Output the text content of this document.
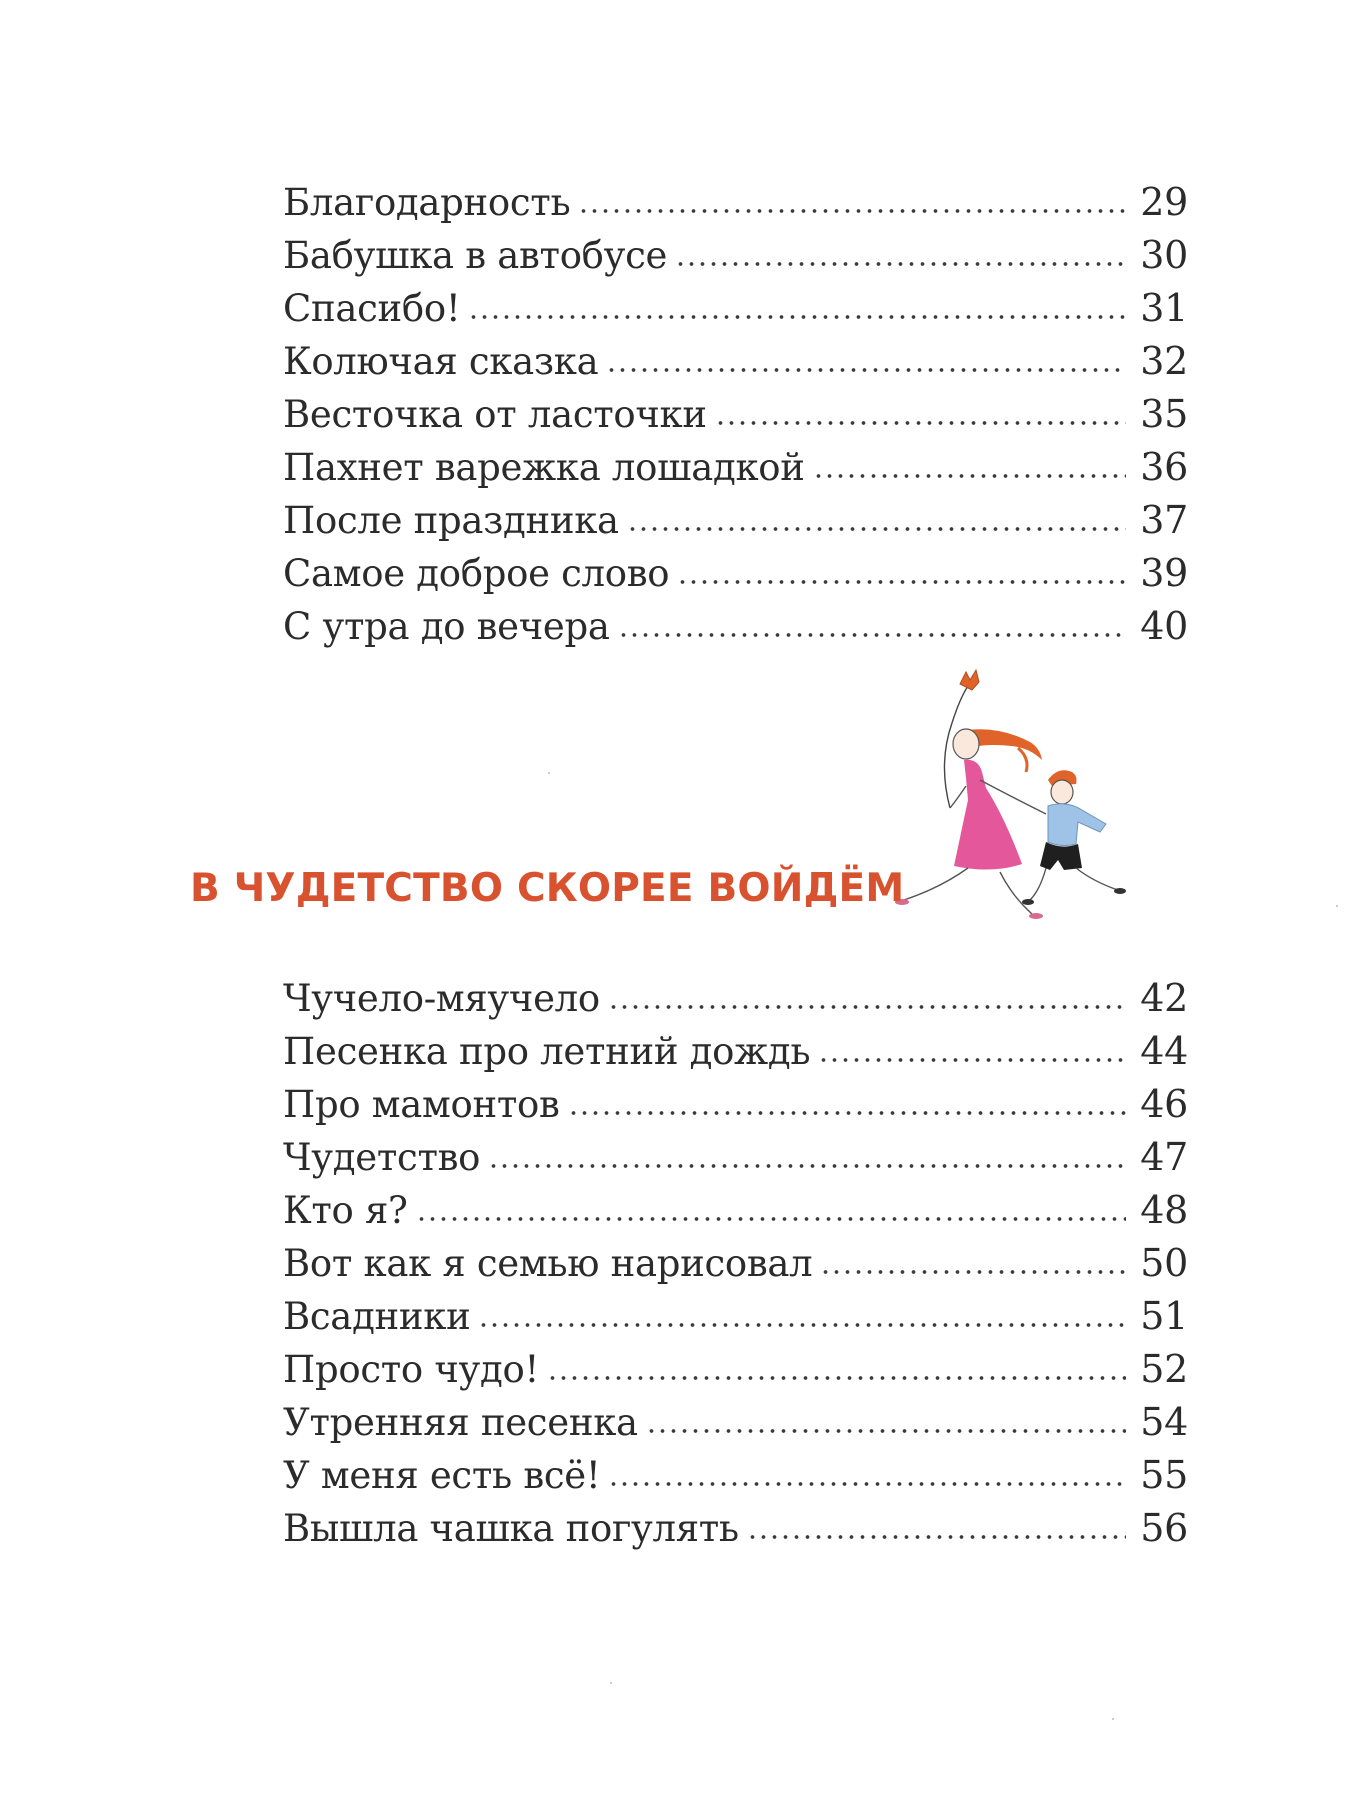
Благодарность	29
Бабушка в автобусе	30
Спасибо!	31
Колючая сказка	32
Весточка от ласточки	35
Пахнет варежка лошадкой	36
После праздника	37
Самое доброе слово	39
С утра до вечера	40
В ЧУДЕТСТВО СКОРЕЕ ВОЙДЁМ
Чучело-мяучело	42
Песенка про летний дождь	44
Про мамонтов	46
Чудетство	47
Кто я?	48
Вот как я семью нарисовал	50
Всадники	51
Просто чудо!	52
Утренняя песенка	54
У меня есть всё!	55
Вышла чашка погулять	56
